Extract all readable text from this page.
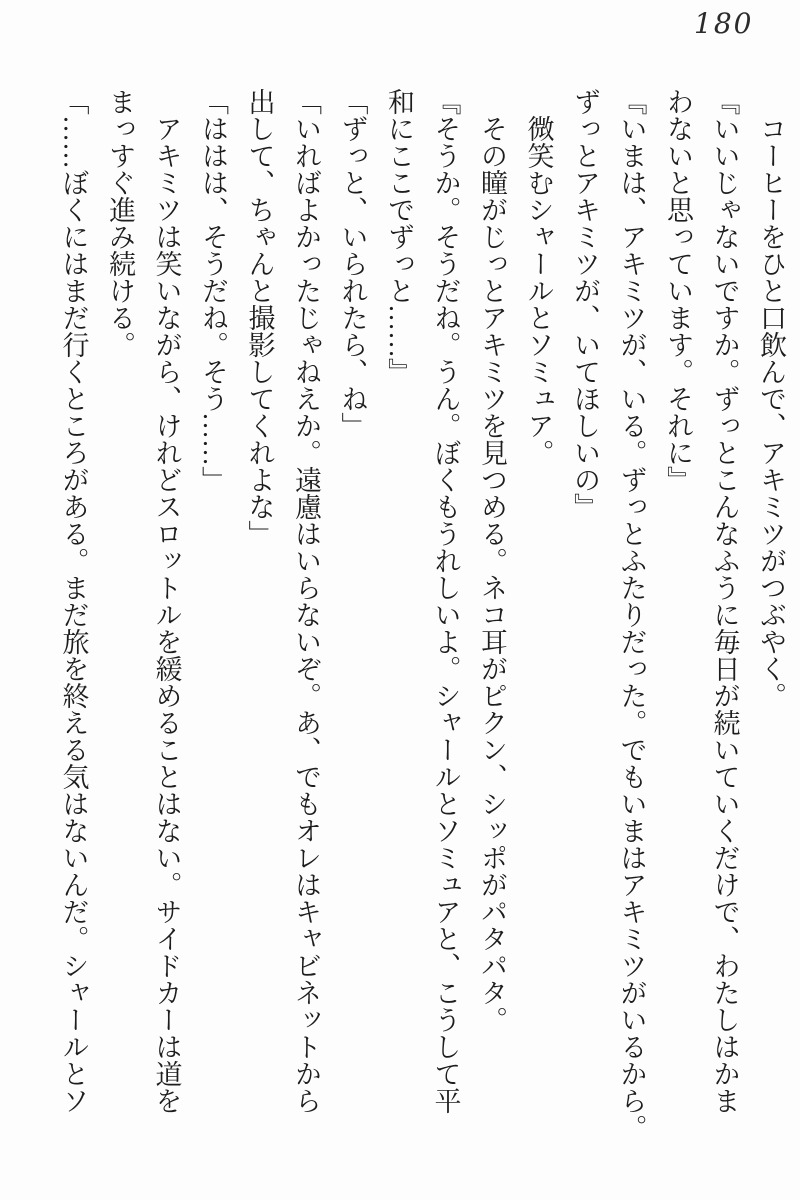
180
　コーヒーをひと口飲んで、アキミツがつぶやく。
『いいじゃないですか。ずっとこんなふうに毎日が続いていくだけで、わたしはかま
わないと思っています。それに』
『いまは、アキミツが、いる。ずっとふたりだった。でもいまはアキミツがいるから。
ずっとアキミツが、いてほしいの』
　微笑むシャールとソミュア。
　その瞳がじっとアキミツを見つめる。ネコ耳がピクン、シッポがパタパタ。
『そうか。そうだね。うん。ぼくもうれしいよ。シャールとソミュアと、こうして平
和にここでずっと……』
「ずっと、いられたら、ね」
「いればよかったじゃねえか。遠慮はいらないぞ。あ、でもオレはキャビネットから
出して、ちゃんと撮影してくれよな」
「ははは、そうだね。そう……」
　アキミツは笑いながら、けれどスロットルを緩めることはない。サイドカーは道を
まっすぐ進み続ける。
「……ぼくにはまだ行くところがある。まだ旅を終える気はないんだ。シャールとソ
